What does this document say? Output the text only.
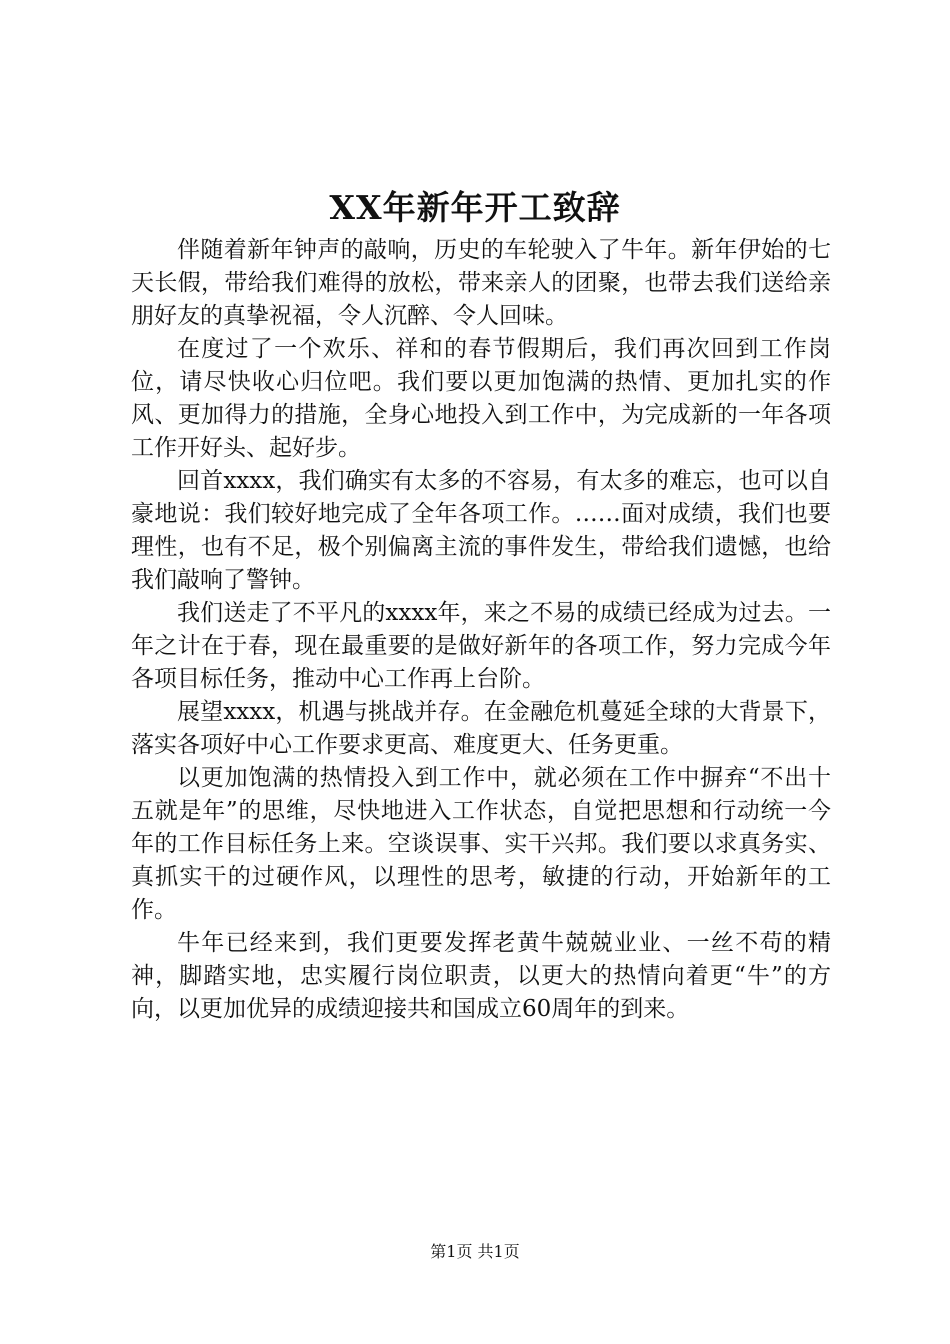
XX年新年开工致辞

伴随着新年钟声的敲响，历史的车轮驶入了牛年。新年伊始的七天长假，带给我们难得的放松，带来亲人的团聚，也带去我们送给亲朋好友的真挚祝福，令人沉醉、令人回味。

在度过了一个欢乐、祥和的春节假期后，我们再次回到工作岗位，请尽快收心归位吧。我们要以更加饱满的热情、更加扎实的作风、更加得力的措施，全身心地投入到工作中，为完成新的一年各项工作开好头、起好步。

回首xxxx，我们确实有太多的不容易，有太多的难忘，也可以自豪地说：我们较好地完成了全年各项工作。……面对成绩，我们也要理性，也有不足，极个别偏离主流的事件发生，带给我们遗憾，也给我们敲响了警钟。

我们送走了不平凡的xxxx年，来之不易的成绩已经成为过去。一年之计在于春，现在最重要的是做好新年的各项工作，努力完成今年各项目标任务，推动中心工作再上台阶。

展望xxxx，机遇与挑战并存。在金融危机蔓延全球的大背景下，落实各项好中心工作要求更高、难度更大、任务更重。

以更加饱满的热情投入到工作中，就必须在工作中摒弃“不出十五就是年”的思维，尽快地进入工作状态，自觉把思想和行动统一今年的工作目标任务上来。空谈误事、实干兴邦。我们要以求真务实、真抓实干的过硬作风，以理性的思考，敏捷的行动，开始新年的工作。

牛年已经来到，我们更要发挥老黄牛兢兢业业、一丝不苟的精神，脚踏实地，忠实履行岗位职责，以更大的热情向着更“牛”的方向，以更加优异的成绩迎接共和国成立60周年的到来。

第1页 共1页
